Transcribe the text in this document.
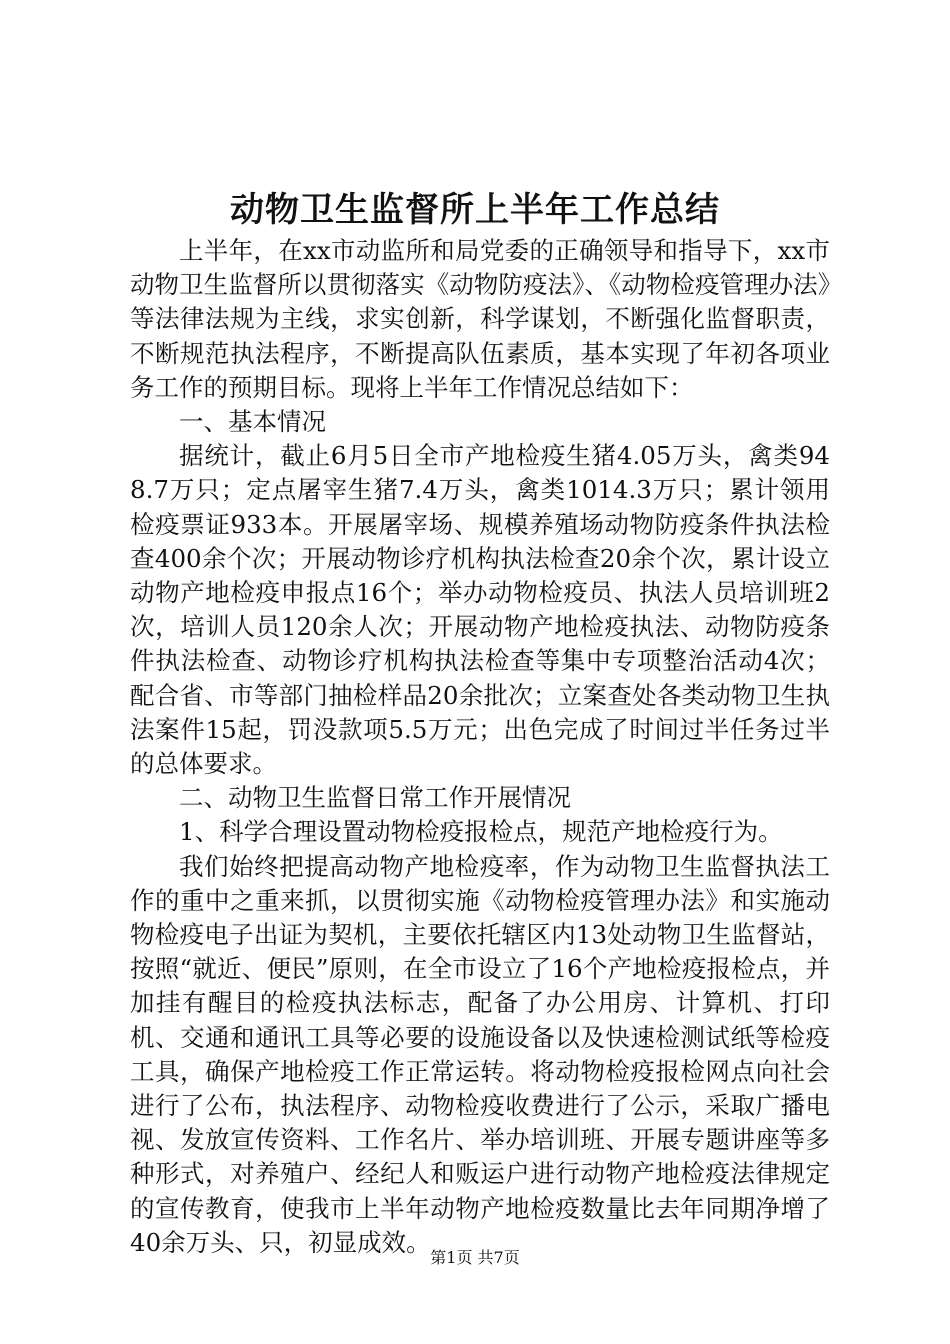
动物卫生监督所上半年工作总结

上半年，在xx市动监所和局党委的正确领导和指导下，xx市动物卫生监督所以贯彻落实《动物防疫法》、《动物检疫管理办法》等法律法规为主线，求实创新，科学谋划，不断强化监督职责，不断规范执法程序，不断提高队伍素质，基本实现了年初各项业务工作的预期目标。现将上半年工作情况总结如下：

一、基本情况

据统计，截止6月5日全市产地检疫生猪4.05万头，禽类948.7万只；定点屠宰生猪7.4万头，禽类1014.3万只；累计领用检疫票证933本。开展屠宰场、规模养殖场动物防疫条件执法检查400余个次；开展动物诊疗机构执法检查20余个次，累计设立动物产地检疫申报点16个；举办动物检疫员、执法人员培训班2次，培训人员120余人次；开展动物产地检疫执法、动物防疫条件执法检查、动物诊疗机构执法检查等集中专项整治活动4次；配合省、市等部门抽检样品20余批次；立案查处各类动物卫生执法案件15起，罚没款项5.5万元；出色完成了时间过半任务过半的总体要求。

二、动物卫生监督日常工作开展情况

1、科学合理设置动物检疫报检点，规范产地检疫行为。

我们始终把提高动物产地检疫率，作为动物卫生监督执法工作的重中之重来抓，以贯彻实施《动物检疫管理办法》和实施动物检疫电子出证为契机，主要依托辖区内13处动物卫生监督站，按照“就近、便民”原则，在全市设立了16个产地检疫报检点，并加挂有醒目的检疫执法标志，配备了办公用房、计算机、打印机、交通和通讯工具等必要的设施设备以及快速检测试纸等检疫工具，确保产地检疫工作正常运转。将动物检疫报检网点向社会进行了公布，执法程序、动物检疫收费进行了公示，采取广播电视、发放宣传资料、工作名片、举办培训班、开展专题讲座等多种形式，对养殖户、经纪人和贩运户进行动物产地检疫法律规定的宣传教育，使我市上半年动物产地检疫数量比去年同期净增了40余万头、只，初显成效。

第1页 共7页
